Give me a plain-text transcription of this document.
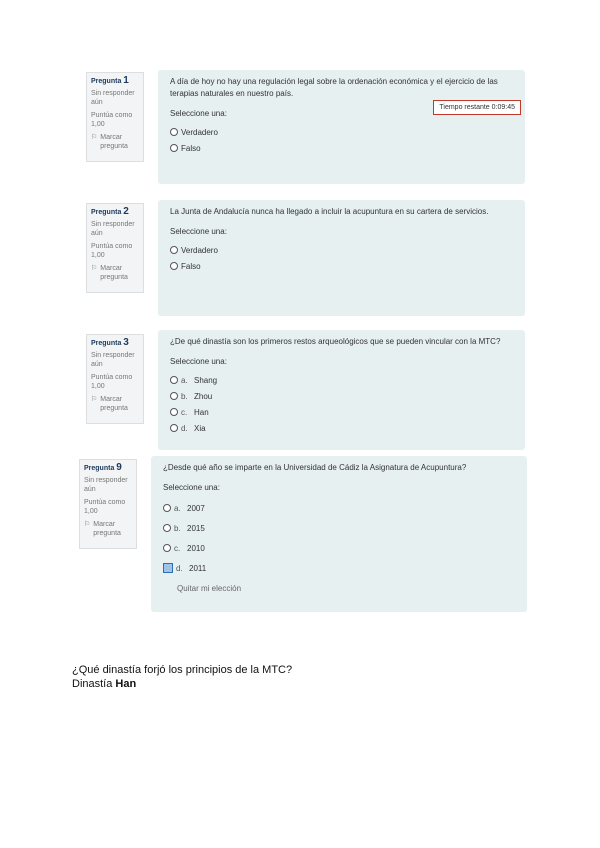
Pregunta 1
Sin responder aún
Puntúa como 1,00
⚐ Marcar pregunta
A día de hoy no hay una regulación legal sobre la ordenación económica y el ejercicio de las terapias naturales en nuestro país.
Seleccione una:
Verdadero
Falso
Tiempo restante 0:09:45
Pregunta 2
Sin responder aún
Puntúa como 1,00
⚐ Marcar pregunta
La Junta de Andalucía nunca ha llegado a incluir la acupuntura en su cartera de servicios.
Seleccione una:
Verdadero
Falso
Pregunta 3
Sin responder aún
Puntúa como 1,00
⚐ Marcar pregunta
¿De qué dinastía son los primeros restos arqueológicos que se pueden vincular con la MTC?
Seleccione una:
a. Shang
b. Zhou
c. Han
d. Xia
Pregunta 9
Sin responder aún
Puntúa como 1,00
⚐ Marcar pregunta
¿Desde qué año se imparte en la Universidad de Cádiz la Asignatura de Acupuntura?
Seleccione una:
a. 2007
b. 2015
c. 2010
d. 2011
Quitar mi elección
¿Qué dinastía forjó los principios de la MTC?
Dinastía Han
